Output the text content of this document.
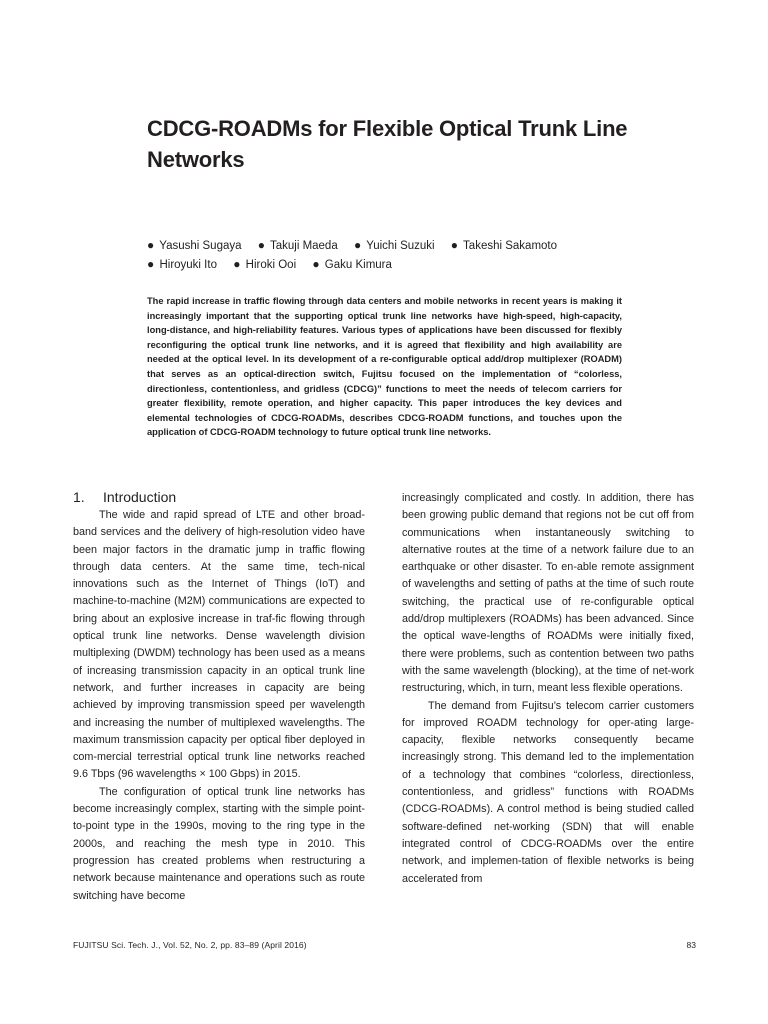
CDCG-ROADMs for Flexible Optical Trunk Line Networks
● Yasushi Sugaya ● Takuji Maeda ● Yuichi Suzuki ● Takeshi Sakamoto
● Hiroyuki Ito ● Hiroki Ooi ● Gaku Kimura

The rapid increase in traffic flowing through data centers and mobile networks in recent years is making it increasingly important that the supporting optical trunk line networks have high-speed, high-capacity, long-distance, and high-reliability features. Various types of applications have been discussed for flexibly reconfiguring the optical trunk line networks, and it is agreed that flexibility and high availability are needed at the optical level. In its development of a re-configurable optical add/drop multiplexer (ROADM) that serves as an optical-direction switch, Fujitsu focused on the implementation of “colorless, directionless, contentionless, and gridless (CDCG)” functions to meet the needs of telecom carriers for greater flexibility, remote operation, and higher capacity. This paper introduces the key devices and elemental technologies of CDCG-ROADMs, describes CDCG-ROADM functions, and touches upon the application of CDCG-ROADM technology to future optical trunk line networks.

1. Introduction

The wide and rapid spread of LTE and other broad-band services and the delivery of high-resolution video have been major factors in the dramatic jump in traffic flowing through data centers. At the same time, tech-nical innovations such as the Internet of Things (IoT) and machine-to-machine (M2M) communications are expected to bring about an explosive increase in traf-fic flowing through optical trunk line networks. Dense wavelength division multiplexing (DWDM) technology has been used as a means of increasing transmission capacity in an optical trunk line network, and further increases in capacity are being achieved by improving transmission speed per wavelength and increasing the number of multiplexed wavelengths. The maximum transmission capacity per optical fiber deployed in com-mercial terrestrial optical trunk line networks reached 9.6 Tbps (96 wavelengths × 100 Gbps) in 2015.

The configuration of optical trunk line networks has become increasingly complex, starting with the simple point-to-point type in the 1990s, moving to the ring type in the 2000s, and reaching the mesh type in 2010. This progression has created problems when restructuring a network because maintenance and operations such as route switching have become

increasingly complicated and costly. In addition, there has been growing public demand that regions not be cut off from communications when instantaneously switching to alternative routes at the time of a network failure due to an earthquake or other disaster. To en-able remote assignment of wavelengths and setting of paths at the time of such route switching, the practical use of re-configurable optical add/drop multiplexers (ROADMs) has been advanced. Since the optical wave-lengths of ROADMs were initially fixed, there were problems, such as contention between two paths with the same wavelength (blocking), at the time of net-work restructuring, which, in turn, meant less flexible operations.

The demand from Fujitsu’s telecom carrier customers for improved ROADM technology for oper-ating large-capacity, flexible networks consequently became increasingly strong. This demand led to the implementation of a technology that combines “colorless, directionless, contentionless, and gridless” functions with ROADMs (CDCG-ROADMs). A control method is being studied called software-defined net-working (SDN) that will enable integrated control of CDCG-ROADMs over the entire network, and implemen-tation of flexible networks is being accelerated from

FUJITSU Sci. Tech. J., Vol. 52, No. 2, pp. 83–89 (April 2016)	83
